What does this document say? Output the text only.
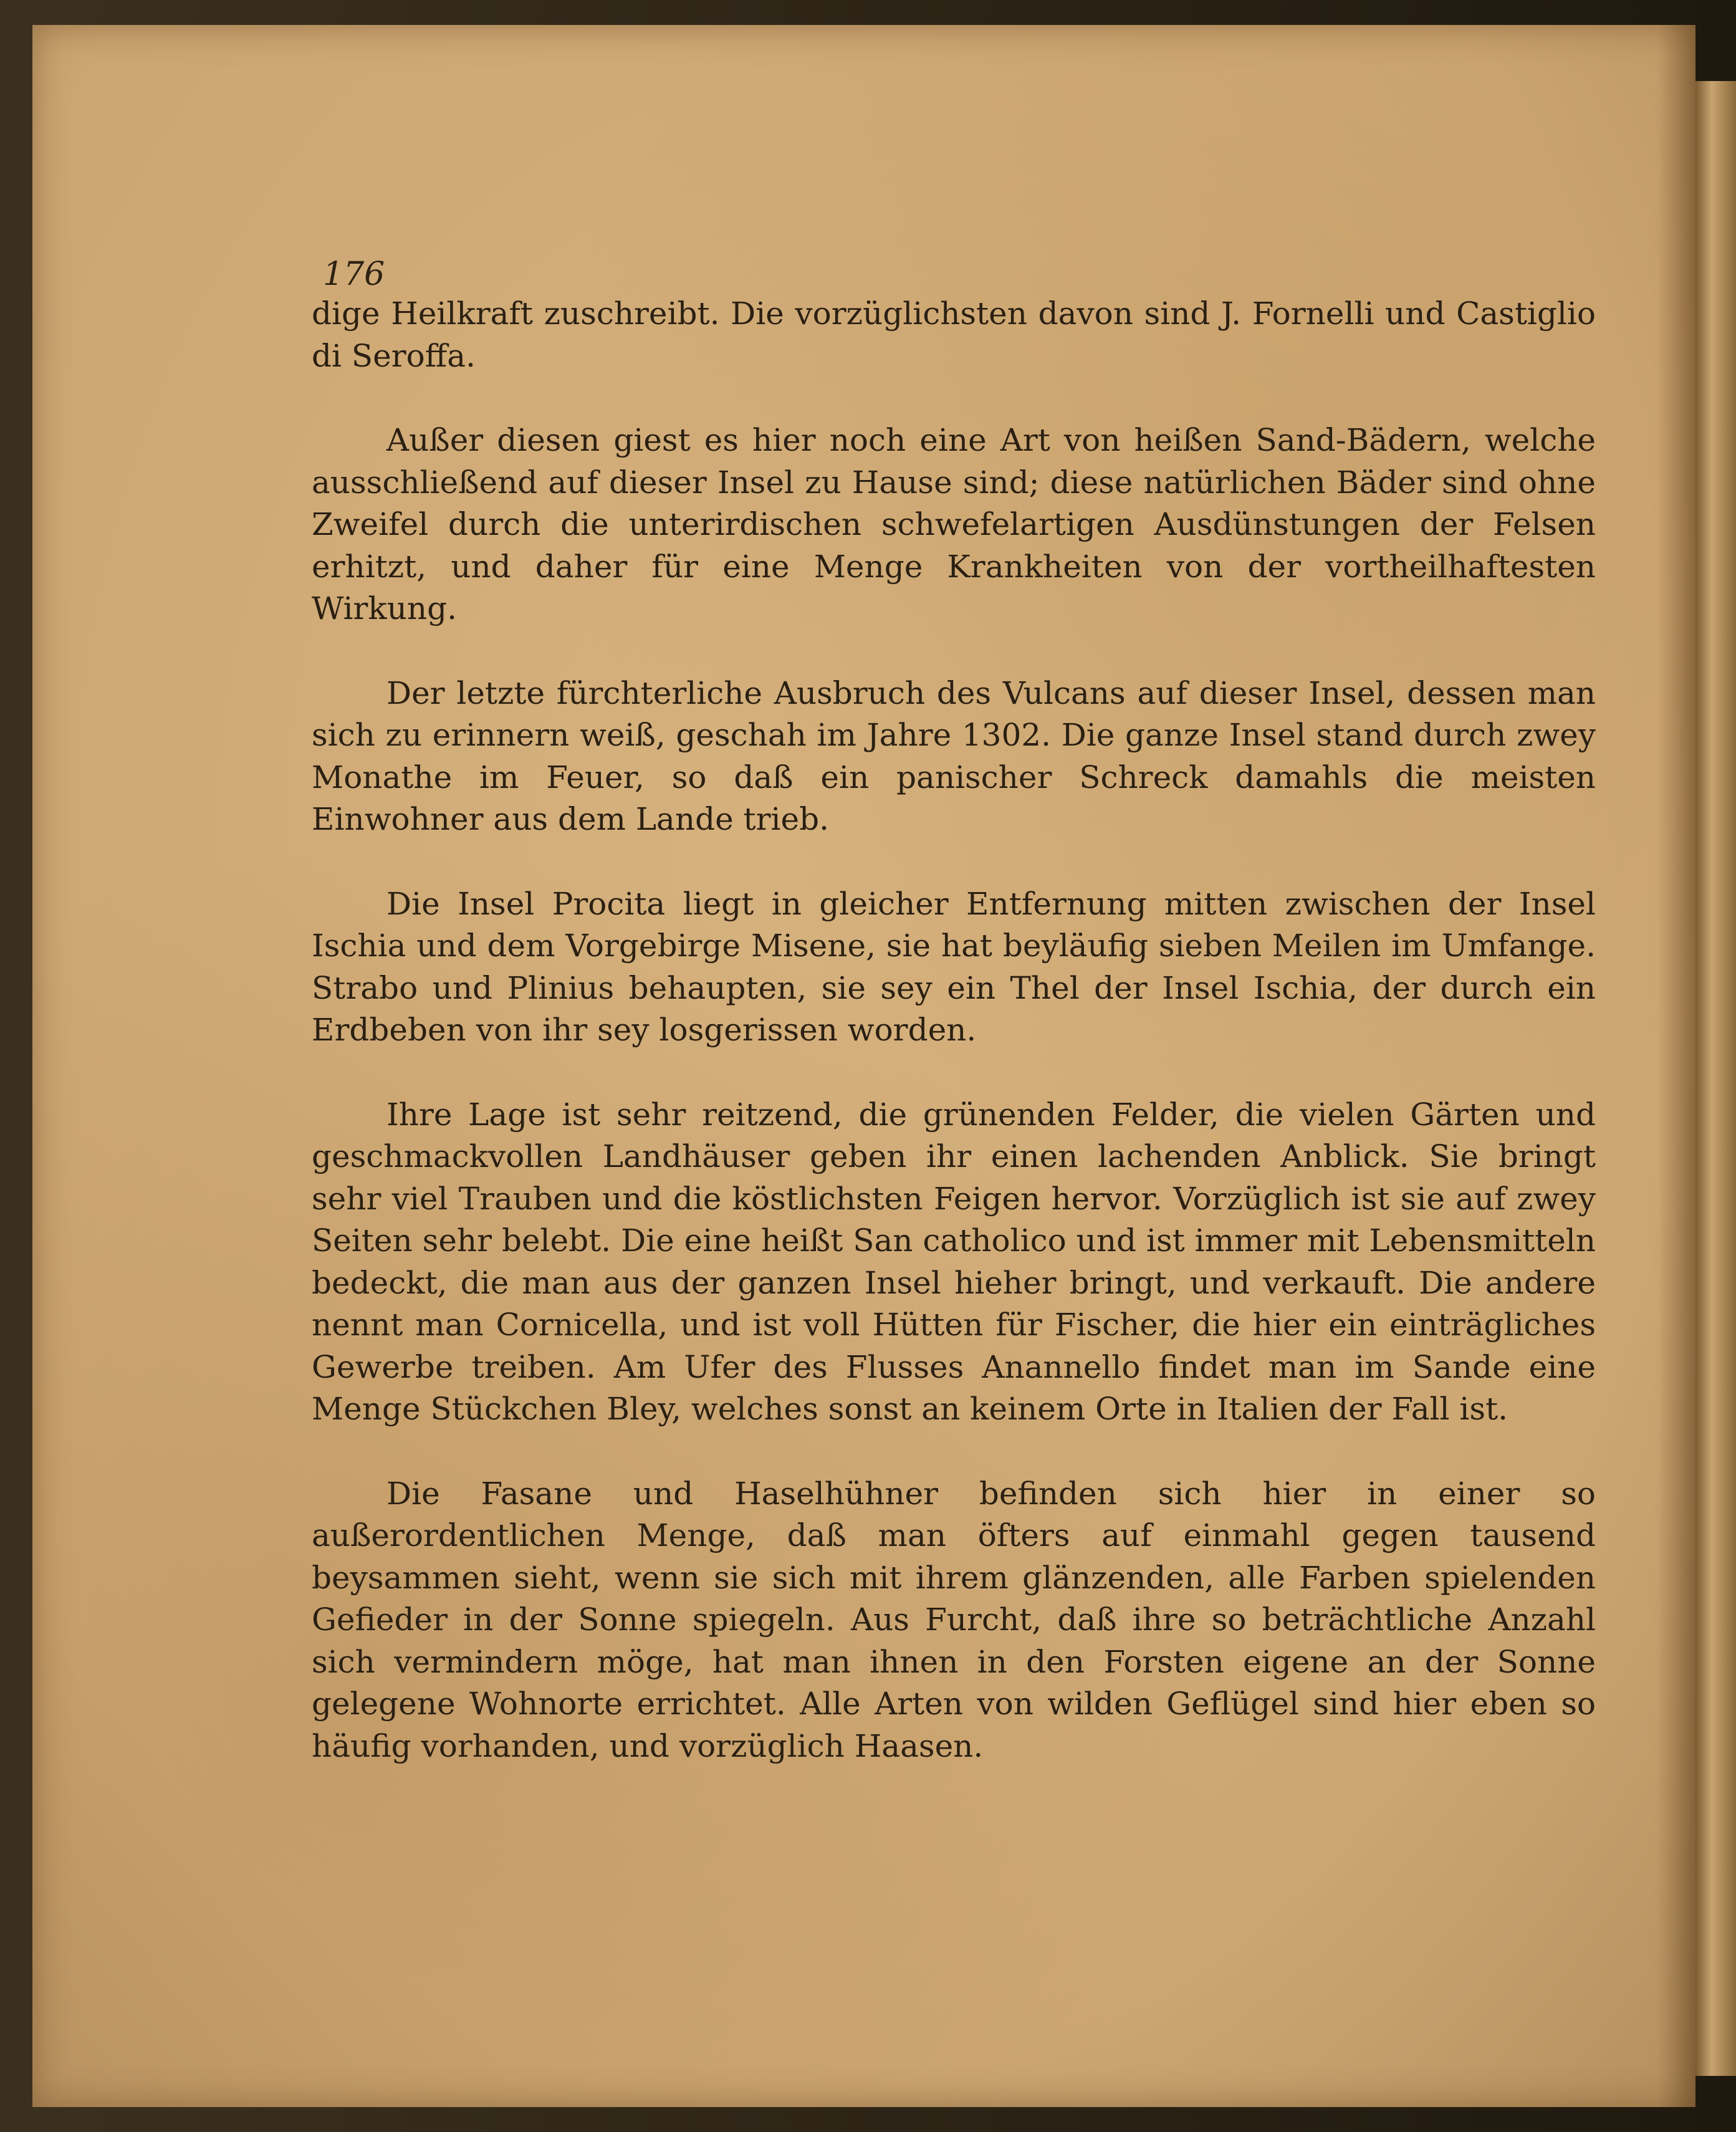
176

dige Heilkraft zuschreibt. Die vorzüglichsten davon sind J. Fornelli und Castiglio di Seroffa.

Außer diesen giest es hier noch eine Art von heißen Sand-Bädern, welche ausschließend auf dieser Insel zu Hause sind; diese natürlichen Bäder sind ohne Zweifel durch die unterirdischen schwefelartigen Ausdünstungen der Felsen erhitzt, und daher für eine Menge Krankheiten von der vortheilhaftesten Wirkung.

Der letzte fürchterliche Ausbruch des Vulcans auf dieser Insel, dessen man sich zu erinnern weiß, geschah im Jahre 1302. Die ganze Insel stand durch zwey Monathe im Feuer, so daß ein panischer Schreck damahls die meisten Einwohner aus dem Lande trieb.

Die Insel Procita liegt in gleicher Entfernung mitten zwischen der Insel Ischia und dem Vorgebirge Misene, sie hat beyläufig sieben Meilen im Umfange. Strabo und Plinius behaupten, sie sey ein Thel der Insel Ischia, der durch ein Erdbeben von ihr sey losgerissen worden.

Ihre Lage ist sehr reitzend, die grünenden Felder, die vielen Gärten und geschmackvollen Landhäuser geben ihr einen lachenden Anblick. Sie bringt sehr viel Trauben und die köstlichsten Feigen hervor. Vorzüglich ist sie auf zwey Seiten sehr belebt. Die eine heißt San catholico und ist immer mit Lebensmitteln bedeckt, die man aus der ganzen Insel hieher bringt, und verkauft. Die andere nennt man Cornicella, und ist voll Hütten für Fischer, die hier ein einträgliches Gewerbe treiben. Am Ufer des Flusses Anannello findet man im Sande eine Menge Stückchen Bley, welches sonst an keinem Orte in Italien der Fall ist.

Die Fasane und Haselhühner befinden sich hier in einer so außerordentlichen Menge, daß man öfters auf einmahl gegen tausend beysammen sieht, wenn sie sich mit ihrem glänzenden, alle Farben spielenden Gefieder in der Sonne spiegeln. Aus Furcht, daß ihre so beträchtliche Anzahl sich vermindern möge, hat man ihnen in den Forsten eigene an der Sonne gelegene Wohnorte errichtet. Alle Arten von wilden Geflügel sind hier eben so häufig vorhanden, und vorzüglich Haasen.
